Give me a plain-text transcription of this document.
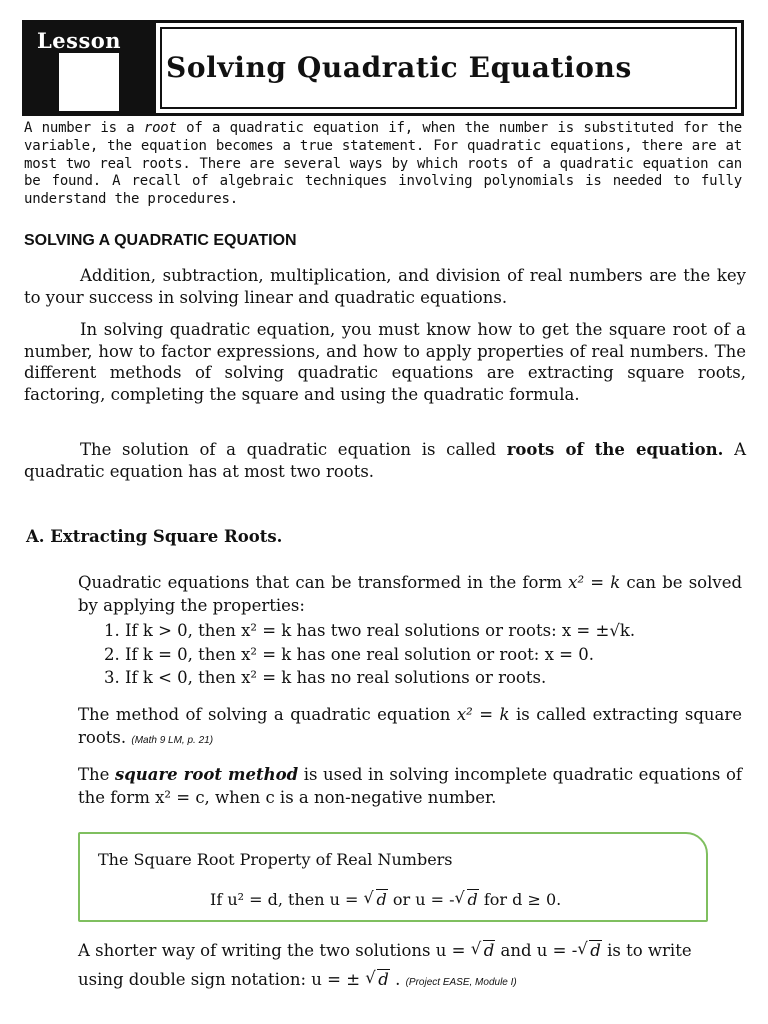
Lesson
Solving Quadratic Equations
A number is a root of a quadratic equation if, when the number is substituted for the variable, the equation becomes a true statement. For quadratic equations, there are at most two real roots. There are several ways by which roots of a quadratic equation can be found. A recall of algebraic techniques involving polynomials is needed to fully understand the procedures.
SOLVING A QUADRATIC EQUATION
Addition, subtraction, multiplication, and division of real numbers are the key to your success in solving linear and quadratic equations.
In solving quadratic equation, you must know how to get the square root of a number, how to factor expressions, and how to apply properties of real numbers. The different methods of solving quadratic equations are extracting square roots, factoring, completing the square and using the quadratic formula.
The solution of a quadratic equation is called roots of the equation. A quadratic equation has at most two roots.
A. Extracting Square Roots.
Quadratic equations that can be transformed in the form x² = k can be solved by applying the properties:
1. If k > 0, then x² = k has two real solutions or roots: x = ±√k.
2. If k = 0, then x² = k has one real solution or root: x = 0.
3. If k < 0, then x² = k has no real solutions or roots.
The method of solving a quadratic equation x² = k is called extracting square roots. (Math 9 LM, p. 21)
The square root method is used in solving incomplete quadratic equations of the form x² = c, when c is a non-negative number.
The Square Root Property of Real Numbers
If u² = d, then u = √ d or u = - √ d for d ≥ 0.
A shorter way of writing the two solutions u = √ d and u = - √ d is to write using double sign notation: u = ± √ d . (Project EASE, Module I)
